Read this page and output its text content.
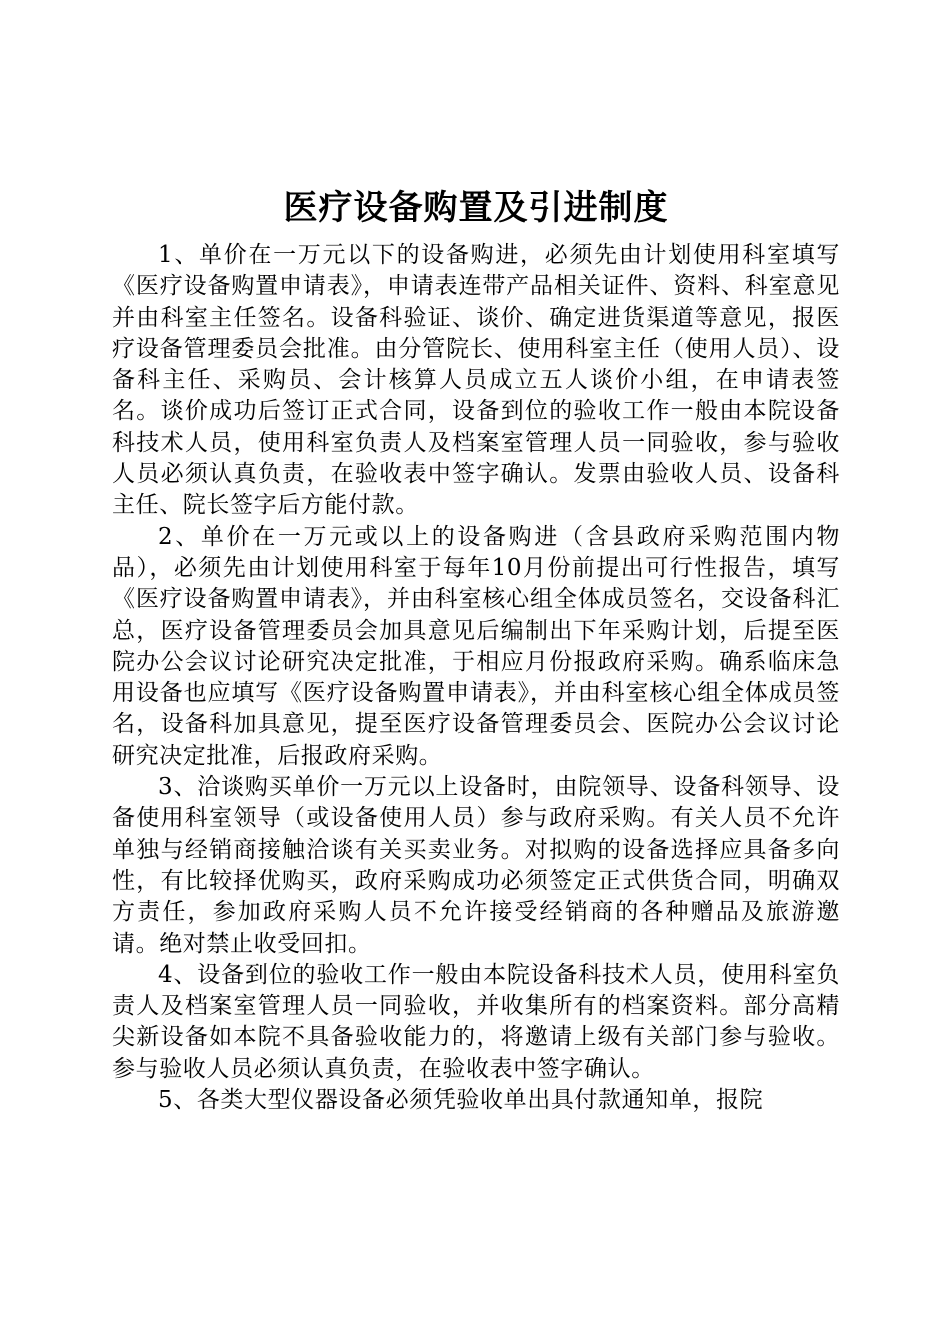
医疗设备购置及引进制度

1、单价在一万元以下的设备购进，必须先由计划使用科室填写《医疗设备购置申请表》，申请表连带产品相关证件、资料、科室意见并由科室主任签名。设备科验证、谈价、确定进货渠道等意见，报医疗设备管理委员会批准。由分管院长、使用科室主任（使用人员）、设备科主任、采购员、会计核算人员成立五人谈价小组，在申请表签名。谈价成功后签订正式合同，设备到位的验收工作一般由本院设备科技术人员，使用科室负责人及档案室管理人员一同验收，参与验收人员必须认真负责，在验收表中签字确认。发票由验收人员、设备科主任、院长签字后方能付款。

2、单价在一万元或以上的设备购进（含县政府采购范围内物品），必须先由计划使用科室于每年10月份前提出可行性报告，填写《医疗设备购置申请表》，并由科室核心组全体成员签名，交设备科汇总，医疗设备管理委员会加具意见后编制出下年采购计划，后提至医院办公会议讨论研究决定批准，于相应月份报政府采购。确系临床急用设备也应填写《医疗设备购置申请表》，并由科室核心组全体成员签名，设备科加具意见，提至医疗设备管理委员会、医院办公会议讨论研究决定批准，后报政府采购。

3、洽谈购买单价一万元以上设备时，由院领导、设备科领导、设备使用科室领导（或设备使用人员）参与政府采购。有关人员不允许单独与经销商接触洽谈有关买卖业务。对拟购的设备选择应具备多向性，有比较择优购买，政府采购成功必须签定正式供货合同，明确双方责任，参加政府采购人员不允许接受经销商的各种赠品及旅游邀请。绝对禁止收受回扣。

4、设备到位的验收工作一般由本院设备科技术人员，使用科室负责人及档案室管理人员一同验收，并收集所有的档案资料。部分高精尖新设备如本院不具备验收能力的，将邀请上级有关部门参与验收。参与验收人员必须认真负责，在验收表中签字确认。

5、各类大型仪器设备必须凭验收单出具付款通知单，报院
